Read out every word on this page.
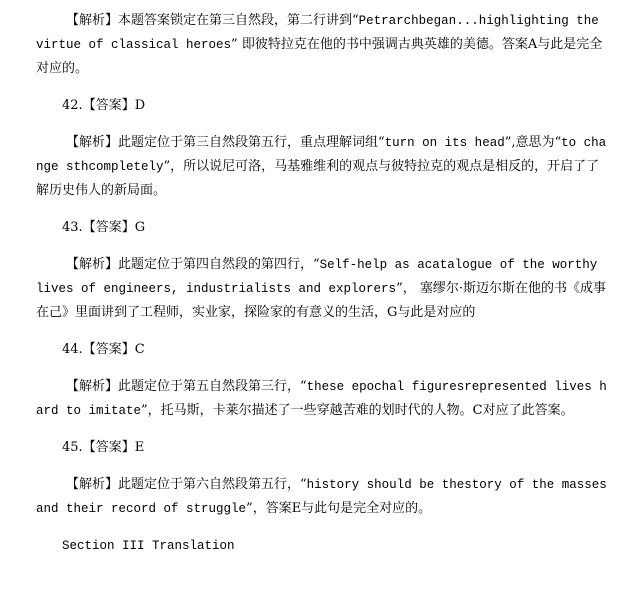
【解析】本题答案锁定在第三自然段，第二行讲到“Petrarchbegan...highlighting the virtue of classical heroes” 即彼特拉克在他的书中强调古典英雄的美德。答案A与此是完全对应的。

42.【答案】D

【解析】此题定位于第三自然段第五行，重点理解词组“turn on its head”,意思为“to change sthcompletely”，所以说尼可洛，马基雅维利的观点与彼特拉克的观点是相反的，开启了了解历史伟人的新局面。

43.【答案】G

【解析】此题定位于第四自然段的第四行，“Self-help as acatalogue of the worthy lives of engineers, industrialists and explorers”， 塞缪尔·斯迈尔斯在他的书《成事在己》里面讲到了工程师，实业家，探险家的有意义的生活，G与此是对应的

44.【答案】C

【解析】此题定位于第五自然段第三行，“these epochal figuresrepresented lives hard to imitate”，托马斯，卡莱尔描述了一些穿越苦难的划时代的人物。C对应了此答案。

45.【答案】E

【解析】此题定位于第六自然段第五行，“history should be thestory of the masses and their record of struggle”，答案E与此句是完全对应的。

Section III Translation
